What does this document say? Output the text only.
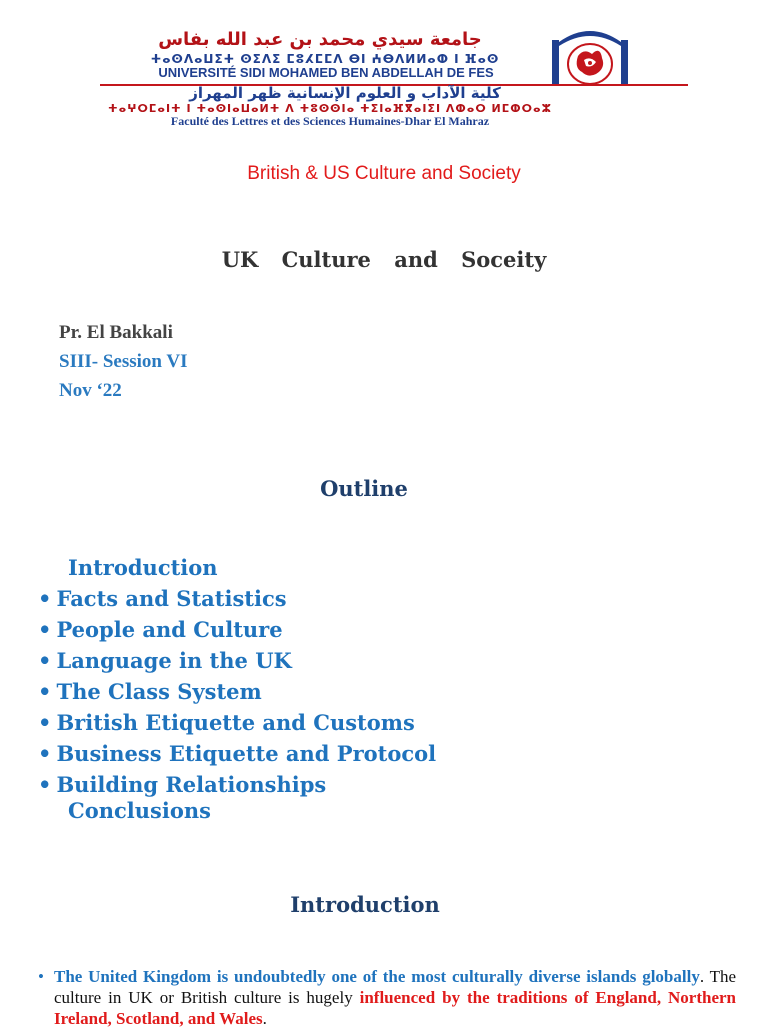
جامعة سيدي محمد بن عبد الله بفاس
ⵜⴰⵙⴷⴰⵡⵉⵜ ⵙⵉⴷⵉ ⵎⵓⵃⵎⵎⴷ ⴱⵏ ⵄⴱⴷⵍⵍⴰⵀ ⵏ ⴼⴰⵙ
UNIVERSITÉ SIDI MOHAMED BEN ABDELLAH DE FES
كلية الآداب و العلوم الإنسانية ظهر المهراز
ⵜⴰⵖⵔⵎⴰⵏⵜ ⵏ ⵜⴰⵙⵏⴰⵡⴰⵍⵜ ⴷ ⵜⵓⵙⵙⵏⴰ ⵜⵉⵏⴰⴼⴳⴰⵏⵉⵏ ⴷⵀⴰⵔ ⵍⵎⵀⵔⴰⵣ
Faculté des Lettres et des Sciences Humaines-Dhar El Mahraz
British & US Culture and Society
UK Culture and Soceity
Pr. El Bakkali
SIII- Session VI
Nov ‘22
Outline
Introduction
• Facts and Statistics
• People and Culture
• Language in the UK
• The Class System
• British Etiquette and Customs
• Business Etiquette and Protocol
• Building Relationships
Conclusions
Introduction
• The United Kingdom is undoubtedly one of the most culturally diverse islands globally. The culture in UK or British culture is hugely influenced by the traditions of England, Northern Ireland, Scotland, and Wales.
